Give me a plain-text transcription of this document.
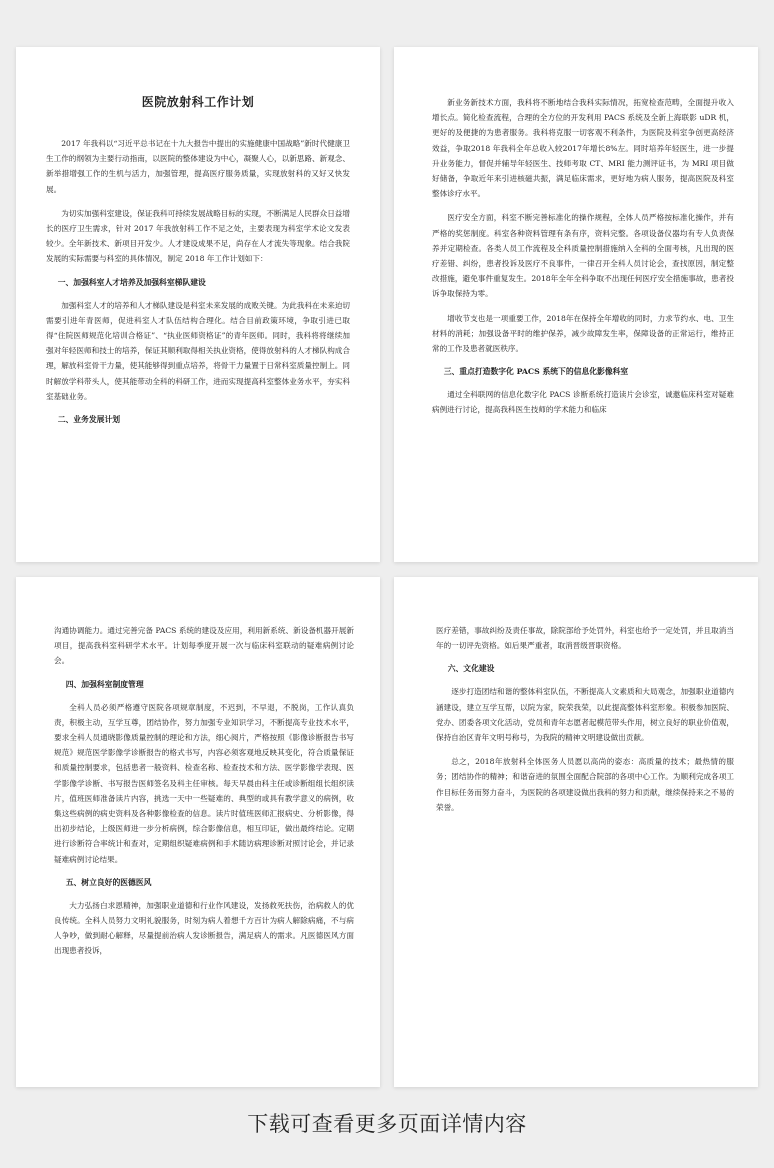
医院放射科工作计划

2017 年我科以“习近平总书记在十九大报告中提出的实施健康中国战略”新时代健康卫生工作的纲领为主要行动指南，以医院的整体建设为中心，凝聚人心，以新思路、新观念、新举措增强工作的生机与活力，加强管理，提高医疗服务质量，实现放射科的又好又快发展。

为切实加强科室建设，保证我科可持续发展战略目标的实现，不断满足人民群众日益增长的医疗卫生需求，针对 2017 年我放射科工作不足之处，主要表现为科室学术论文发表较少。全年新技术、新项目开发少。人才建设成果不足，尚存在人才流失等现象。结合我院发展的实际需要与科室的具体情况，制定 2018 年工作计划如下：

一、加强科室人才培养及加强科室梯队建设

加强科室人才的培养和人才梯队建设是科室未来发展的成败关键。为此我科在未来迫切需要引进年青医师，促进科室人才队伍结构合理化。结合目前政策环境，争取引进已取得“住院医师规范化培训合格证”、“执业医师资格证”的青年医师。同时，我科将将继续加强对年轻医师和技士的培养，保证其顺利取得相关执业资格，使得放射科的人才梯队构成合理，解放科室骨干力量，使其能够得到重点培养，将骨干力量置于日常科室质量控制上。同时解放学科带头人，使其能带动全科的科研工作，进而实现提高科室整体业务水平，夯实科室基础业务。

二、业务发展计划

新业务新技术方面，我科将不断地结合我科实际情况，拓宽检查范畴，全面提升收入增长点。简化检查流程，合理的全方位的开发利用 PACS 系统及全新上海联影 uDR 机，更好的及便捷的为患者服务。我科将克服一切客观不利条件，为医院及科室争创更高经济效益，争取2018 年我科全年总收入较2017年增长8%左。同时培养年轻医生，进一步提升业务能力，督促并辅导年轻医生、技师考取 CT、MRI 能力测评证书，为 MRI 项目做好储备，争取近年来引进核磁共振，满足临床需求，更好地为病人服务，提高医院及科室整体诊疗水平。

医疗安全方面，科室不断完善标准化的操作规程，全体人员严格按标准化操作，并有严格的奖惩制度。科室各种资料管理有条有序，资料完整。各项设备仪器均有专人负责保养并定期检查。各类人员工作流程及全科质量控制措施纳入全科的全面考核，凡出现的医疗差错、纠纷，患者投诉及医疗不良事件，一律召开全科人员讨论会，查找原因，制定整改措施，避免事件重复发生。2018年全年全科争取不出现任何医疗安全措施事故，患者投诉争取保持为零。

增收节支也是一项重要工作，2018年在保持全年增收的同时，力求节约水、电、卫生材料的消耗；加强设备平时的维护保养，减少故障发生率，保障设备的正常运行，维持正常的工作及患者就医秩序。

三、重点打造数字化 PACS 系统下的信息化影像科室

通过全科联网的信息化数字化 PACS 诊断系统打造读片会诊室，诚邀临床科室对疑难病例进行讨论，提高我科医生技师的学术能力和临床

沟通协调能力。通过完善完备 PACS 系统的建设及应用，利用新系统、新设备机器开展新项目，提高我科室科研学术水平。计划每季度开展一次与临床科室联动的疑难病例讨论会。

四、加强科室制度管理

全科人员必须严格遵守医院各项规章制度，不迟到，不早退，不脱岗，工作认真负责，积极主动，互学互尊，团结协作，努力加强专业知识学习，不断提高专业技术水平，要求全科人员通晓影像质量控制的理论和方法，细心阅片，严格按照《影像诊断报告书写规范》规范医学影像学诊断报告的格式书写，内容必须客观地反映其变化，符合质量保证和质量控制要求，包括患者一般资料、检查名称、检查技术和方法、医学影像学表现、医学影像学诊断、书写报告医师签名及科主任审核。每天早晨由科主任或诊断组组长组织读片，值班医师准备读片内容，挑选一天中一些疑难的、典型的或具有教学意义的病例，收集这些病例的病史资料及各种影像检查的信息。读片时值班医师汇报病史、分析影像，得出初步结论，上级医师进一步分析病例，综合影像信息，相互印证，做出最终结论。定期进行诊断符合率统计和查对，定期组织疑难病例和手术随访病理诊断对照讨论会，并记录疑难病例讨论结果。

五、树立良好的医德医风

大力弘扬白求恩精神，加强职业道德和行业作风建设，发扬救死扶伤，治病救人的优良传统。全科人员努力文明礼貌服务，时刻为病人着想千方百计为病人解除病痛，不与病人争吵，做到耐心解释，尽量提前治病人发诊断报告，满足病人的需求。凡医德医风方面出现患者投诉，

医疗差错，事故纠纷及责任事故，除院部给予处罚外，科室也给予一定处罚，并且取消当年的一切评先资格。如后果严重者，取消晋级晋职资格。

六、文化建设

逐步打造团结和谐的整体科室队伍，不断提高人文素质和大局观念，加强职业道德内涵建设，建立互学互帮，以院为家，院荣我荣，以此提高整体科室形象。积极参加医院、党办、团委各项文化活动，党员和青年志愿者起模范带头作用，树立良好的职业价值观，保持自治区青年文明号称号，为我院的精神文明建设做出贡献。

总之，2018年放射科全体医务人员愿以高尚的姿态：高质量的技术；最热情的服务；团结协作的精神；和谐奋进的氛围全面配合院部的各项中心工作。为顺利完成各项工作目标任务而努力奋斗，为医院的各项建设做出我科的努力和贡献，继续保持来之不易的荣誉。

下载可查看更多页面详情内容
